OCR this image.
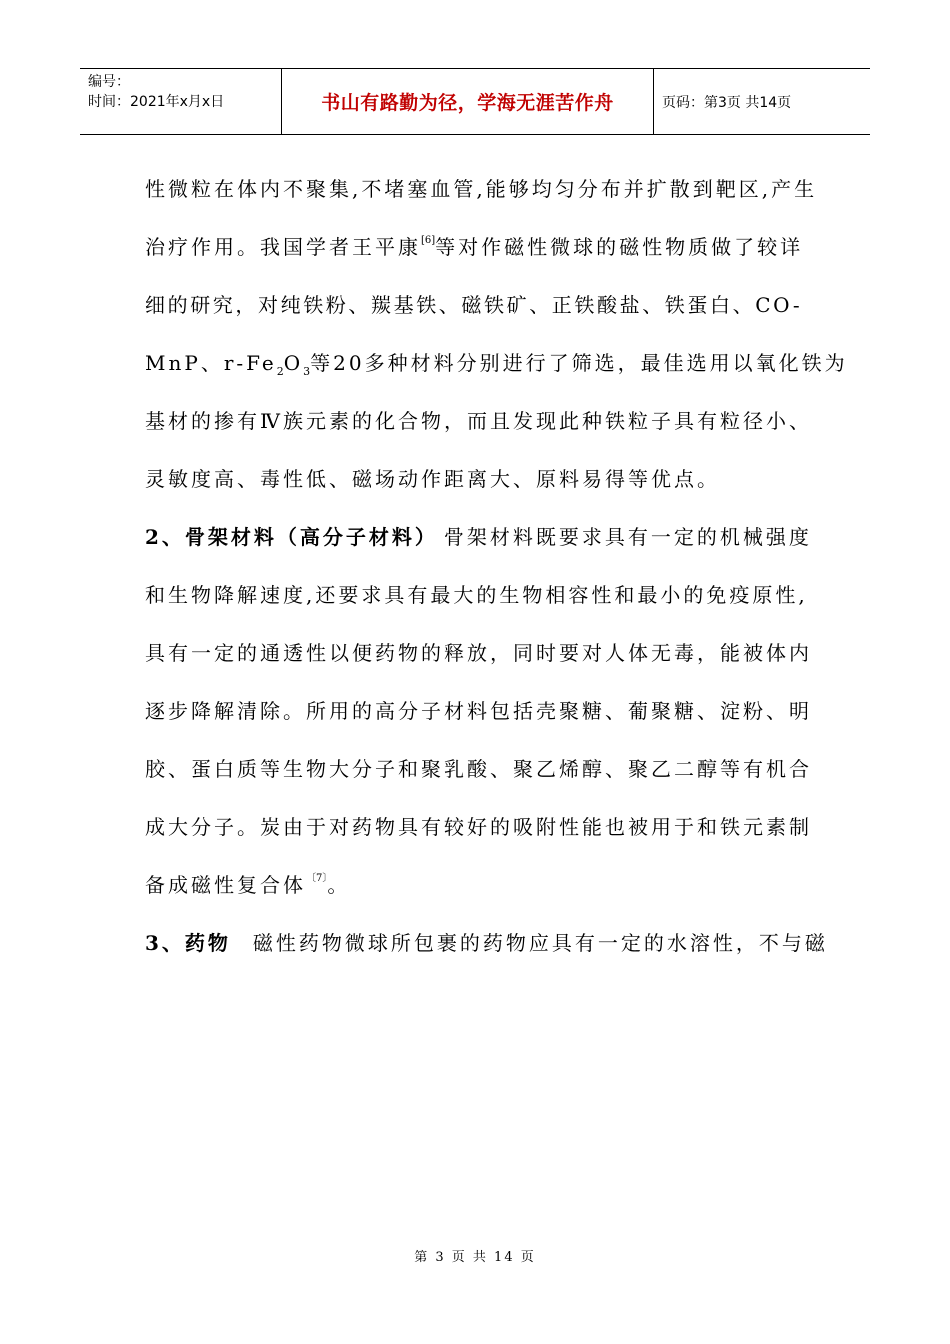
编号：
时间：2021年x月x日	书山有路勤为径，学海无涯苦作舟	页码：第3页 共14页
性微粒在体内不聚集,不堵塞血管,能够均匀分布并扩散到靶区,产生
治疗作用。我国学者王平康[6]等对作磁性微球的磁性物质做了较详
细的研究，对纯铁粉、羰基铁、磁铁矿、正铁酸盐、铁蛋白、CO-
MnP、$r-Fe_2O_3$等20多种材料分别进行了筛选，最佳选用以氧化铁为
基材的掺有Ⅳ族元素的化合物，而且发现此种铁粒子具有粒径小、
灵敏度高、毒性低、磁场动作距离大、原料易得等优点。
2、骨架材料（高分子材料） 骨架材料既要求具有一定的机械强度
和生物降解速度,还要求具有最大的生物相容性和最小的免疫原性,
具有一定的通透性以便药物的释放，同时要对人体无毒，能被体内
逐步降解清除。所用的高分子材料包括壳聚糖、葡聚糖、淀粉、明
胶、蛋白质等生物大分子和聚乳酸、聚乙烯醇、聚乙二醇等有机合
成大分子。炭由于对药物具有较好的吸附性能也被用于和铁元素制
备成磁性复合体$^{〔7〕}$。
3、药物 磁性药物微球所包裹的药物应具有一定的水溶性，不与磁
第 3 页 共 14 页
